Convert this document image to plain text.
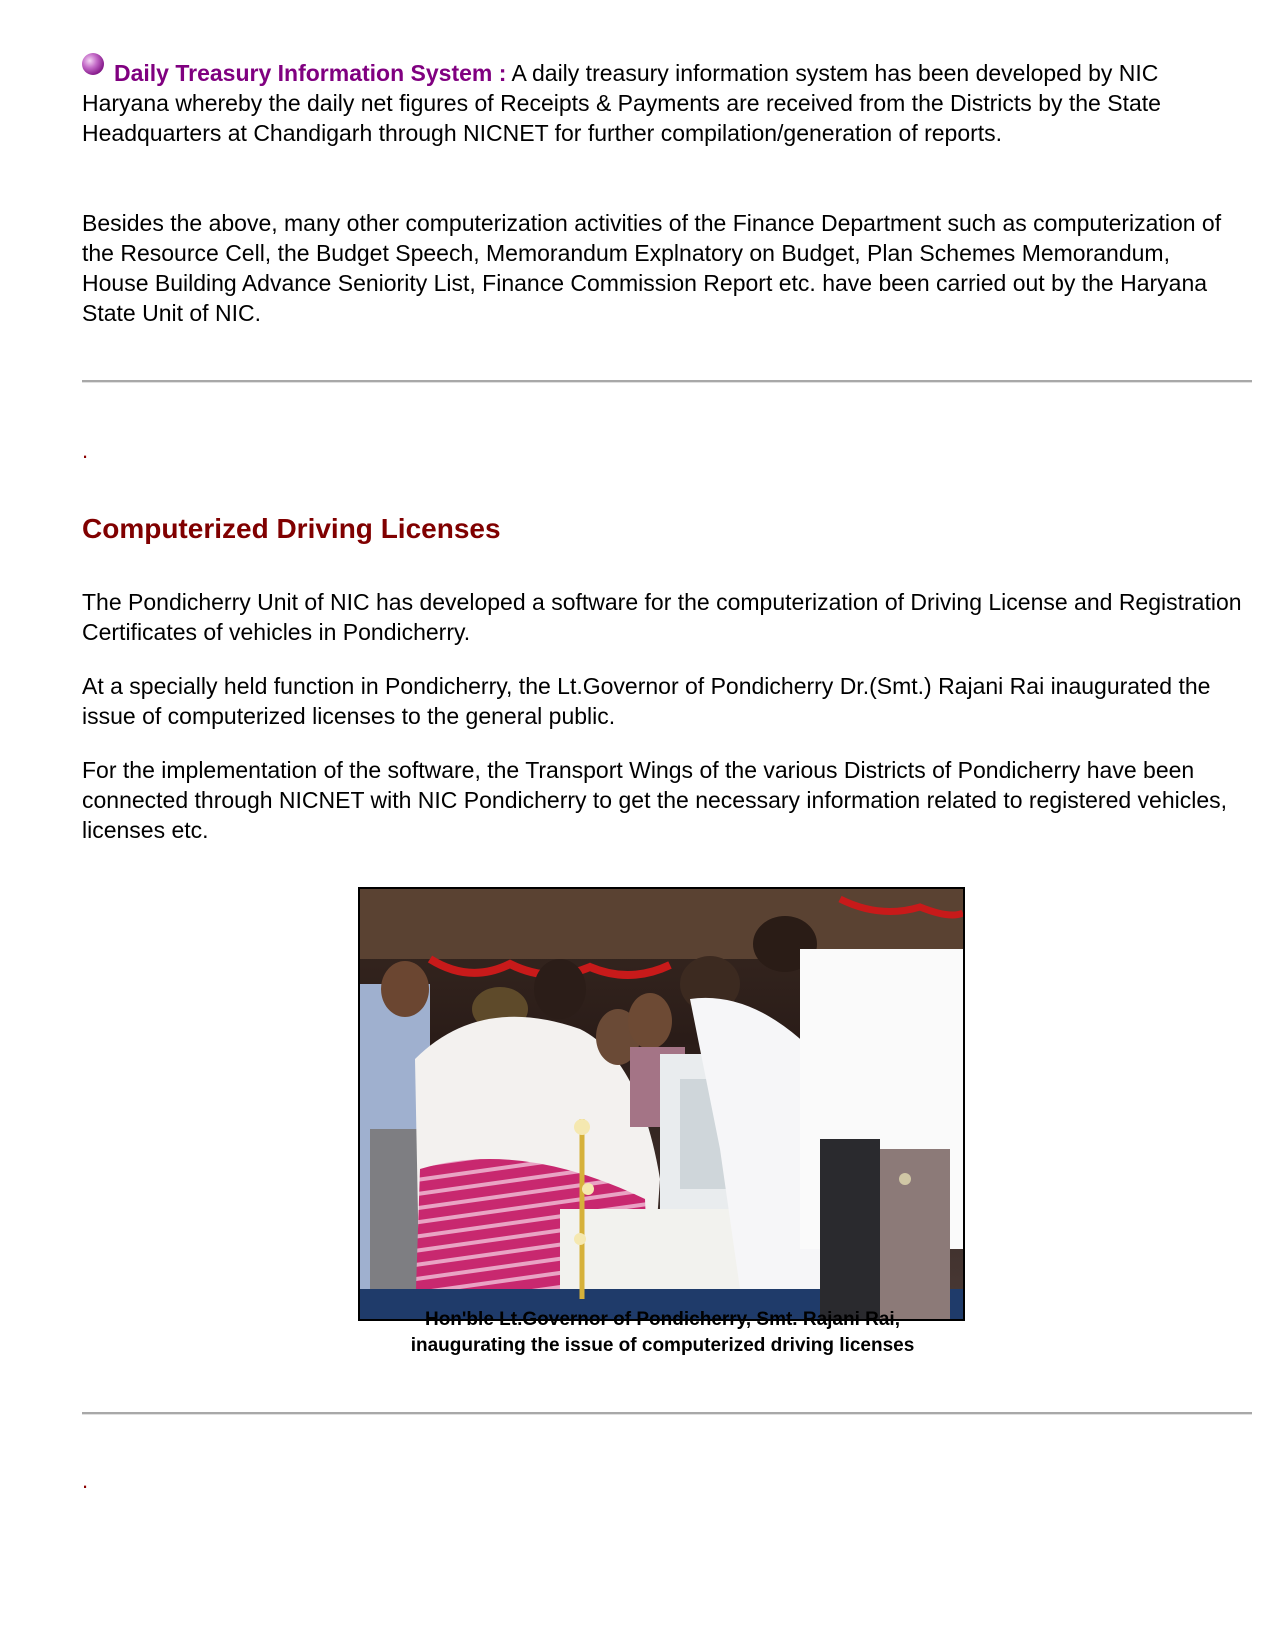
Daily Treasury Information System : A daily treasury information system has been developed by NIC Haryana whereby the daily net figures of Receipts & Payments are received from the Districts by the State Headquarters at Chandigarh through NICNET for further compilation/generation of reports.

Besides the above, many other computerization activities of the Finance Department such as computerization of the Resource Cell, the Budget Speech, Memorandum Explnatory on Budget, Plan Schemes Memorandum, House Building Advance Seniority List, Finance Commission Report etc. have been carried out by the Haryana State Unit of NIC.

.
Computerized Driving Licenses

The Pondicherry Unit of NIC has developed a software for the computerization of Driving License and Registration Certificates of vehicles in Pondicherry.

At a specially held function in Pondicherry, the Lt.Governor of Pondicherry Dr.(Smt.) Rajani Rai inaugurated the issue of computerized licenses to the general public.

For the implementation of the software, the Transport Wings of the various Districts of Pondicherry have been connected through NICNET with NIC Pondicherry to get the necessary information related to registered vehicles, licenses etc.

Hon'ble Lt.Governor of Pondicherry, Smt. Rajani Rai,
inaugurating the issue of computerized driving licenses
.
